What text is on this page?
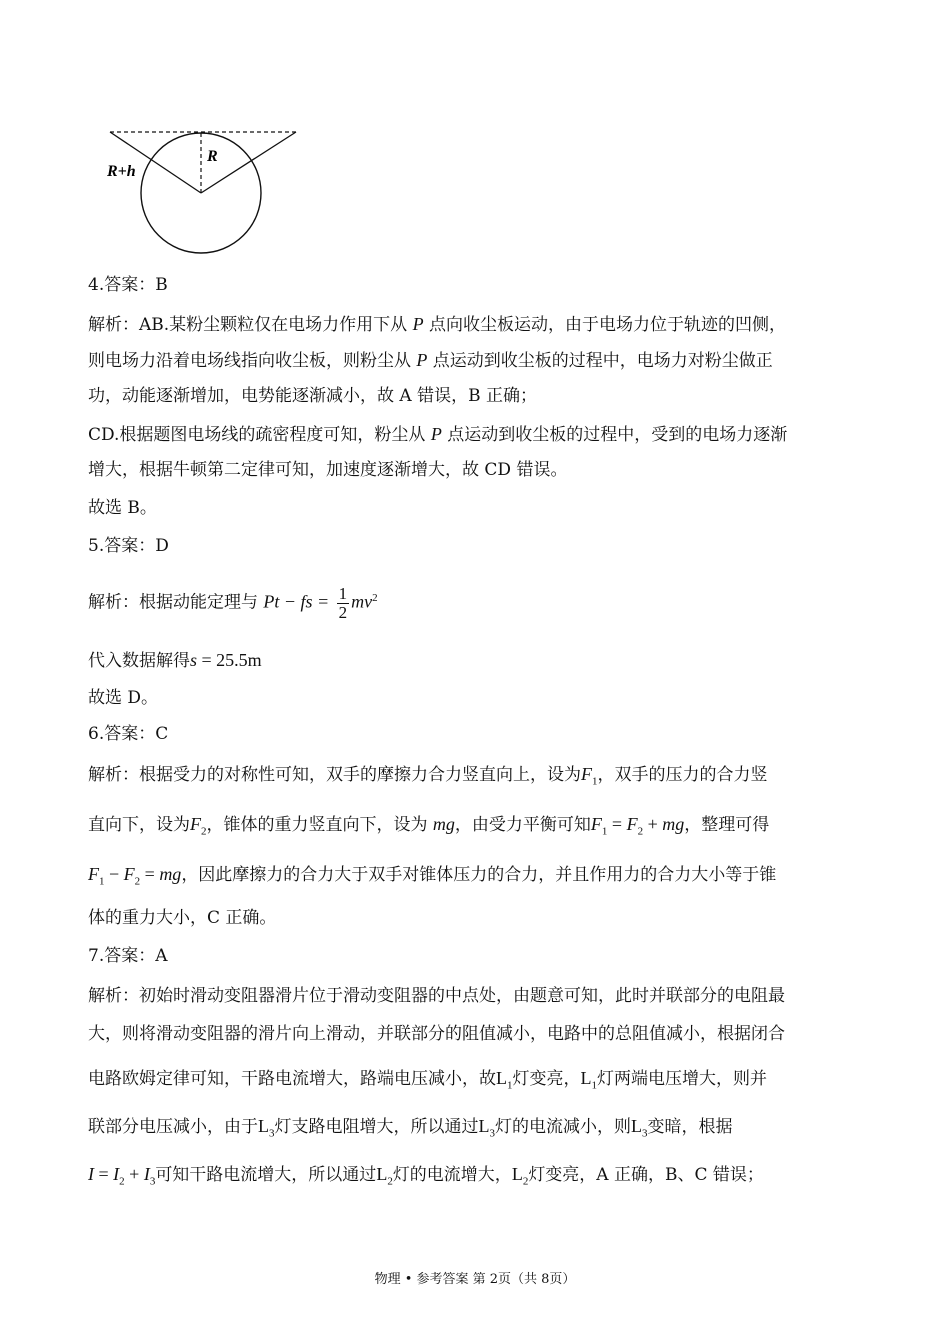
R+h
R
4.答案：B
解析：AB.某粉尘颗粒仅在电场力作用下从 P 点向收尘板运动，由于电场力位于轨迹的凹侧，
则电场力沿着电场线指向收尘板，则粉尘从 P 点运动到收尘板的过程中，电场力对粉尘做正
功，动能逐渐增加，电势能逐渐减小，故 A 错误，B 正确；
CD.根据题图电场线的疏密程度可知，粉尘从 P 点运动到收尘板的过程中，受到的电场力逐渐
增大，根据牛顿第二定律可知，加速度逐渐增大，故 CD 错误。
故选 B。
5.答案：D
解析：根据动能定理与 Pt − fs = $\frac{1}{2} mv^2$
代入数据解得s = 25.5m
故选 D。
6.答案：C
解析：根据受力的对称性可知，双手的摩擦力合力竖直向上，设为$F_1$，双手的压力的合力竖
直向下，设为$F_2$，锥体的重力竖直向下，设为 mg，由受力平衡可知$F_1 = F_2$ + mg，整理可得
$F_1 - F_2$ = mg，因此摩擦力的合力大于双手对锥体压力的合力，并且作用力的合力大小等于锥
体的重力大小，C 正确。
7.答案：A
解析：初始时滑动变阻器滑片位于滑动变阻器的中点处，由题意可知，此时并联部分的电阻最
大，则将滑动变阻器的滑片向上滑动，并联部分的阻值减小，电路中的总阻值减小，根据闭合
电路欧姆定律可知，干路电流增大，路端电压减小，故$L_1$灯变亮，$L_1$灯两端电压增大，则并
联部分电压减小，由于$L_3$灯支路电阻增大，所以通过$L_3$灯的电流减小，则$L_3$变暗，根据
$I = I_2 + I_3$可知干路电流增大，所以通过$L_2$灯的电流增大，$L_2$灯变亮，A 正确，B、C 错误；
物理 • 参考答案 第 2页（共 8页）
